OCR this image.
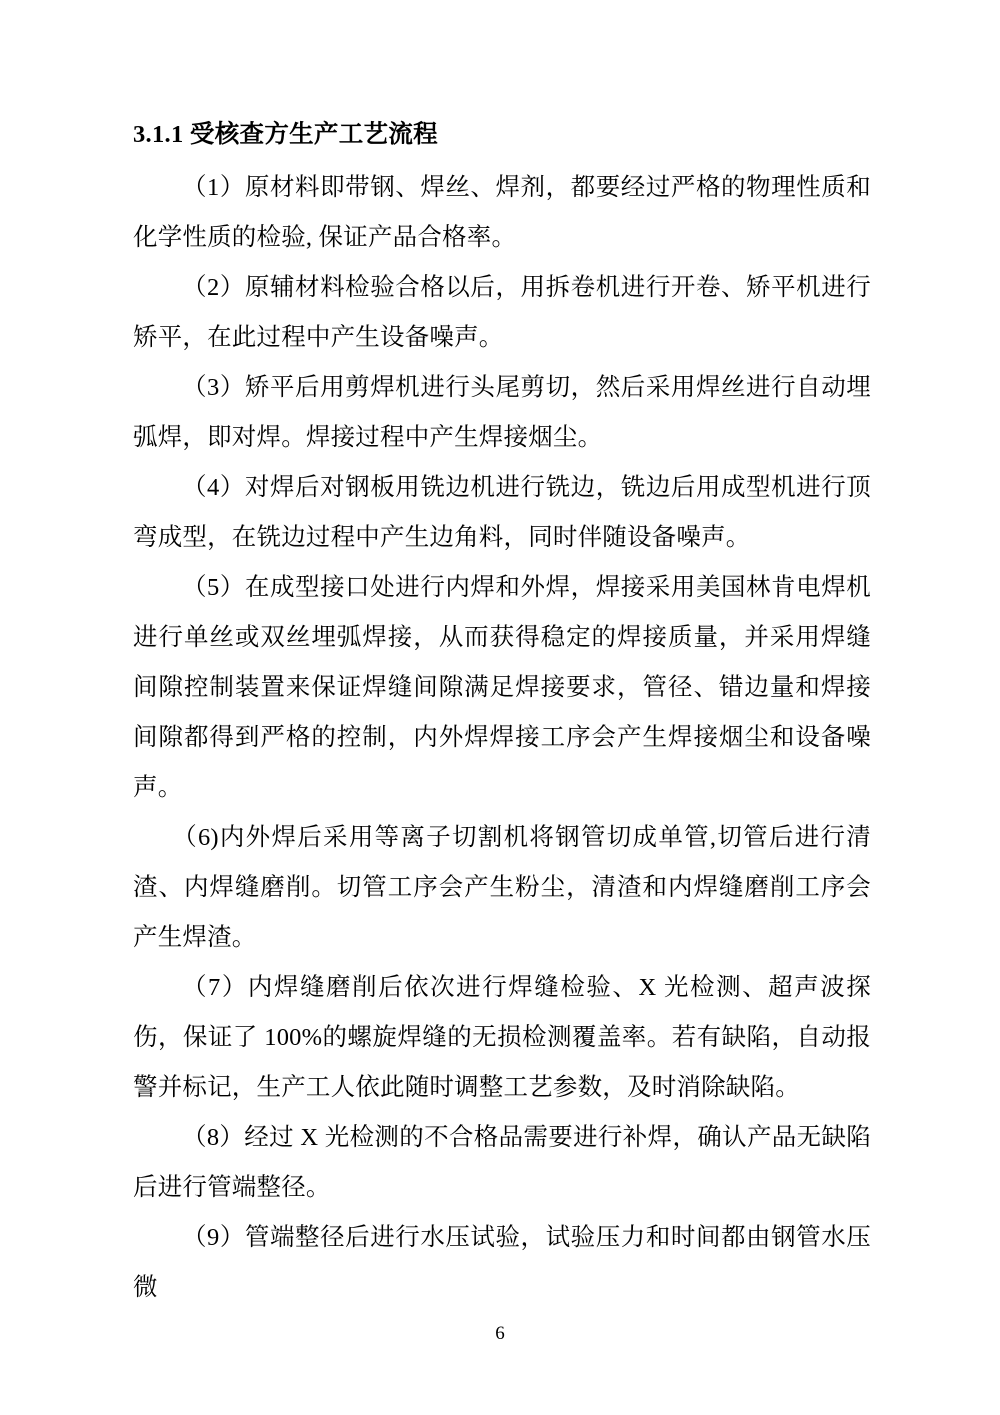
3.1.1 受核查方生产工艺流程

（1）原材料即带钢、焊丝、焊剂，都要经过严格的物理性质和化学性质的检验, 保证产品合格率。

（2）原辅材料检验合格以后，用拆卷机进行开卷、矫平机进行矫平，在此过程中产生设备噪声。

（3）矫平后用剪焊机进行头尾剪切，然后采用焊丝进行自动埋弧焊，即对焊。焊接过程中产生焊接烟尘。

（4）对焊后对钢板用铣边机进行铣边，铣边后用成型机进行顶弯成型，在铣边过程中产生边角料，同时伴随设备噪声。

（5）在成型接口处进行内焊和外焊，焊接采用美国林肯电焊机进行单丝或双丝埋弧焊接，从而获得稳定的焊接质量，并采用焊缝间隙控制装置来保证焊缝间隙满足焊接要求，管径、错边量和焊接间隙都得到严格的控制，内外焊焊接工序会产生焊接烟尘和设备噪声。

（6)内外焊后采用等离子切割机将钢管切成单管,切管后进行清渣、内焊缝磨削。切管工序会产生粉尘，清渣和内焊缝磨削工序会产生焊渣。

（7）内焊缝磨削后依次进行焊缝检验、X 光检测、超声波探伤，保证了 100%的螺旋焊缝的无损检测覆盖率。若有缺陷，自动报警并标记，生产工人依此随时调整工艺参数，及时消除缺陷。

（8）经过 X 光检测的不合格品需要进行补焊，确认产品无缺陷后进行管端整径。

（9）管端整径后进行水压试验，试验压力和时间都由钢管水压微

6
